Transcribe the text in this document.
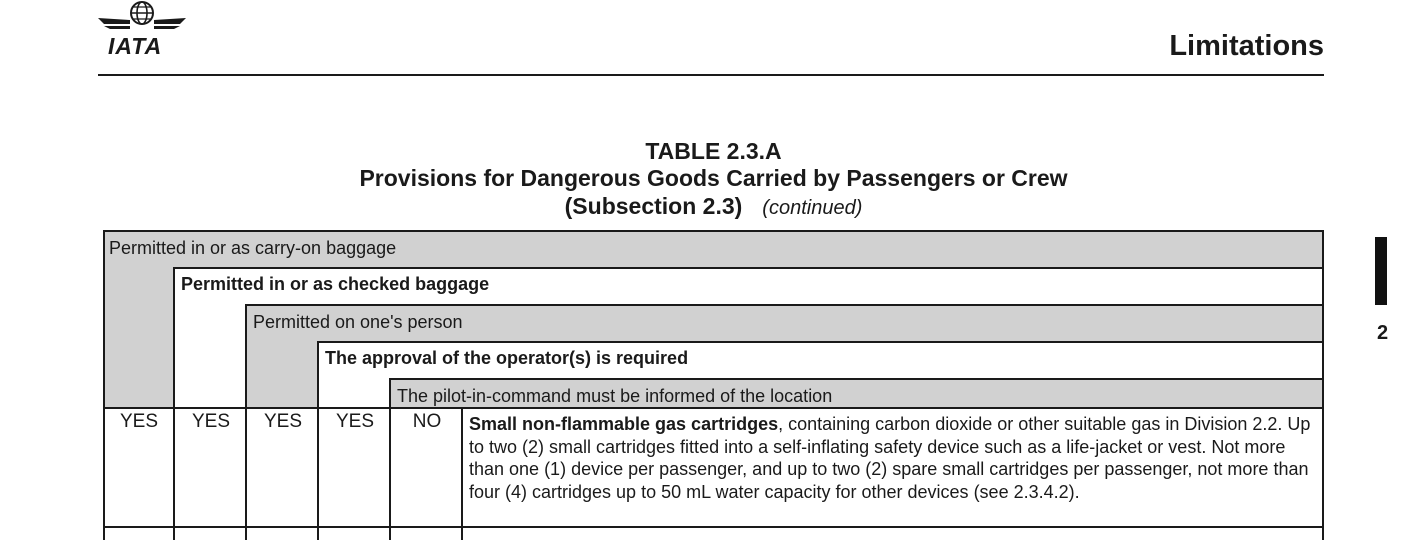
IATA	Limitations
TABLE 2.3.A
Provisions for Dangerous Goods Carried by Passengers or Crew
(Subsection 2.3) (continued)
2
Permitted in or as carry-on baggage
Permitted in or as checked baggage
Permitted on one's person
The approval of the operator(s) is required
The pilot-in-command must be informed of the location
YES	YES	YES	YES	NO	Small non-flammable gas cartridges, containing carbon dioxide or other suitable gas in Division 2.2. Up to two (2) small cartridges fitted into a self-inflating safety device such as a life-jacket or vest. Not more than one (1) device per passenger, and up to two (2) spare small cartridges per passenger, not more than four (4) cartridges up to 50 mL water capacity for other devices (see 2.3.4.2).
